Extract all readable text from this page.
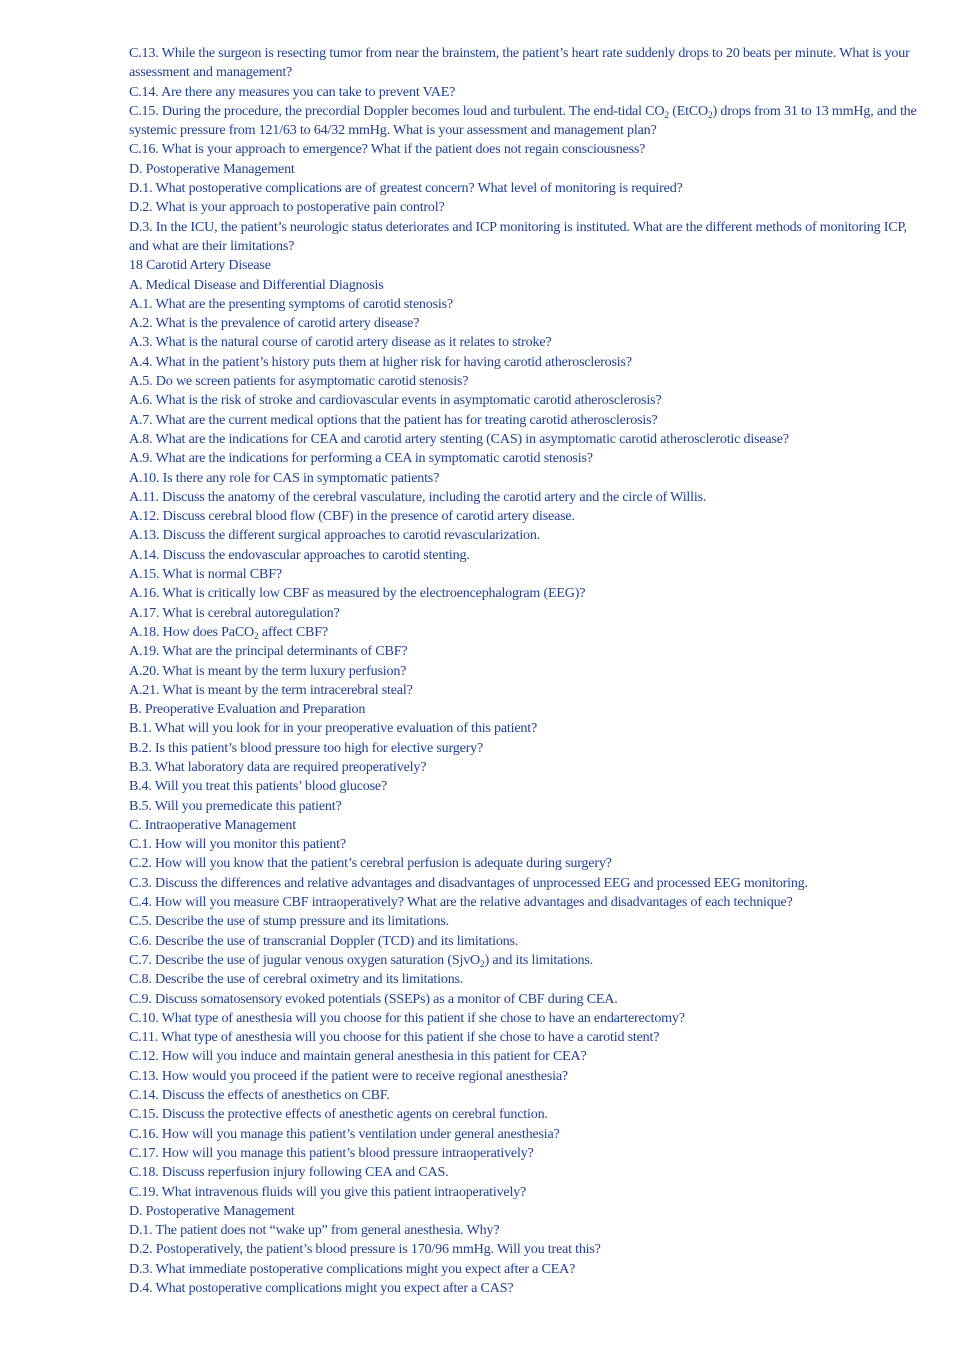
C.13. While the surgeon is resecting tumor from near the brainstem, the patient’s heart rate suddenly drops to 20 beats per minute. What is your assessment and management?
C.14. Are there any measures you can take to prevent VAE?
C.15. During the procedure, the precordial Doppler becomes loud and turbulent. The end-tidal $CO_2$ (EtCO$_2$) drops from 31 to 13 mmHg, and the systemic pressure from 121/63 to 64/32 mmHg. What is your assessment and management plan?
C.16. What is your approach to emergence? What if the patient does not regain consciousness?
D. Postoperative Management
D.1. What postoperative complications are of greatest concern? What level of monitoring is required?
D.2. What is your approach to postoperative pain control?
D.3. In the ICU, the patient’s neurologic status deteriorates and ICP monitoring is instituted. What are the different methods of monitoring ICP, and what are their limitations?
18 Carotid Artery Disease
A. Medical Disease and Differential Diagnosis
A.1. What are the presenting symptoms of carotid stenosis?
A.2. What is the prevalence of carotid artery disease?
A.3. What is the natural course of carotid artery disease as it relates to stroke?
A.4. What in the patient’s history puts them at higher risk for having carotid atherosclerosis?
A.5. Do we screen patients for asymptomatic carotid stenosis?
A.6. What is the risk of stroke and cardiovascular events in asymptomatic carotid atherosclerosis?
A.7. What are the current medical options that the patient has for treating carotid atherosclerosis?
A.8. What are the indications for CEA and carotid artery stenting (CAS) in asymptomatic carotid atherosclerotic disease?
A.9. What are the indications for performing a CEA in symptomatic carotid stenosis?
A.10. Is there any role for CAS in symptomatic patients?
A.11. Discuss the anatomy of the cerebral vasculature, including the carotid artery and the circle of Willis.
A.12. Discuss cerebral blood flow (CBF) in the presence of carotid artery disease.
A.13. Discuss the different surgical approaches to carotid revascularization.
A.14. Discuss the endovascular approaches to carotid stenting.
A.15. What is normal CBF?
A.16. What is critically low CBF as measured by the electroencephalogram (EEG)?
A.17. What is cerebral autoregulation?
A.18. How does PaCO$_2$ affect CBF?
A.19. What are the principal determinants of CBF?
A.20. What is meant by the term luxury perfusion?
A.21. What is meant by the term intracerebral steal?
B. Preoperative Evaluation and Preparation
B.1. What will you look for in your preoperative evaluation of this patient?
B.2. Is this patient’s blood pressure too high for elective surgery?
B.3. What laboratory data are required preoperatively?
B.4. Will you treat this patients’ blood glucose?
B.5. Will you premedicate this patient?
C. Intraoperative Management
C.1. How will you monitor this patient?
C.2. How will you know that the patient’s cerebral perfusion is adequate during surgery?
C.3. Discuss the differences and relative advantages and disadvantages of unprocessed EEG and processed EEG monitoring.
C.4. How will you measure CBF intraoperatively? What are the relative advantages and disadvantages of each technique?
C.5. Describe the use of stump pressure and its limitations.
C.6. Describe the use of transcranial Doppler (TCD) and its limitations.
C.7. Describe the use of jugular venous oxygen saturation (SjvO$_2$) and its limitations.
C.8. Describe the use of cerebral oximetry and its limitations.
C.9. Discuss somatosensory evoked potentials (SSEPs) as a monitor of CBF during CEA.
C.10. What type of anesthesia will you choose for this patient if she chose to have an endarterectomy?
C.11. What type of anesthesia will you choose for this patient if she chose to have a carotid stent?
C.12. How will you induce and maintain general anesthesia in this patient for CEA?
C.13. How would you proceed if the patient were to receive regional anesthesia?
C.14. Discuss the effects of anesthetics on CBF.
C.15. Discuss the protective effects of anesthetic agents on cerebral function.
C.16. How will you manage this patient’s ventilation under general anesthesia?
C.17. How will you manage this patient’s blood pressure intraoperatively?
C.18. Discuss reperfusion injury following CEA and CAS.
C.19. What intravenous fluids will you give this patient intraoperatively?
D. Postoperative Management
D.1. The patient does not “wake up” from general anesthesia. Why?
D.2. Postoperatively, the patient’s blood pressure is 170/96 mmHg. Will you treat this?
D.3. What immediate postoperative complications might you expect after a CEA?
D.4. What postoperative complications might you expect after a CAS?
